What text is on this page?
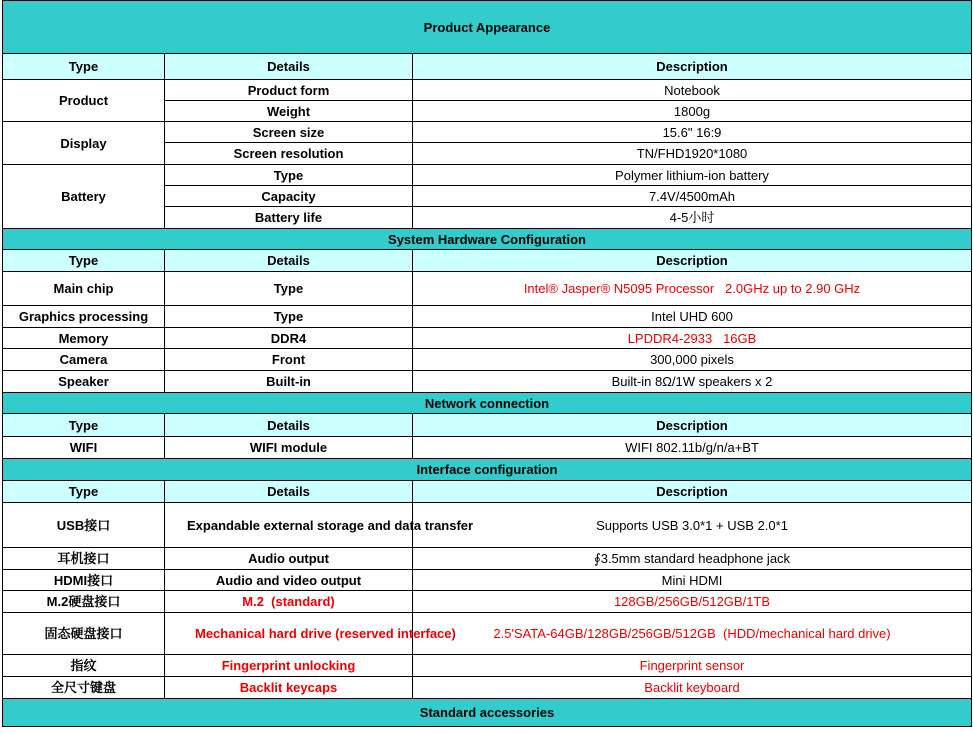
Product Appearance		
Type	Details	Description
Product	Product form	Notebook
	Weight	1800g
Display	Screen size	15.6" 16:9
	Screen resolution	TN/FHD1920*1080
Battery	Type	Polymer lithium-ion battery
	Capacity	7.4V/4500mAh
	Battery life	4-5小时
System Hardware Configuration		
Type	Details	Description
Main chip	Type	Intel® Jasper® N5095 Processor   2.0GHz up to 2.90 GHz
Graphics processing	Type	Intel UHD 600
Memory	DDR4	LPDDR4-2933   16GB
Camera	Front	300,000 pixels
Speaker	Built-in	Built-in 8Ω/1W speakers x 2
Network connection		
Type	Details	Description
WIFI	WIFI module	WIFI 802.11b/g/n/a+BT
Interface configuration		
Type	Details	Description
USB接口	Expandable external storage and data transfer	Supports USB 3.0*1 + USB 2.0*1
耳机接口	Audio output	∮3.5mm standard headphone jack
HDMI接口	Audio and video output	Mini HDMI
M.2硬盘接口	M.2  (standard)	128GB/256GB/512GB/1TB
固态硬盘接口	Mechanical hard drive (reserved interface)	2.5'SATA-64GB/128GB/256GB/512GB  (HDD/mechanical hard drive)
指纹	Fingerprint unlocking	Fingerprint sensor
全尺寸键盘	Backlit keycaps	Backlit keyboard
Standard accessories		
